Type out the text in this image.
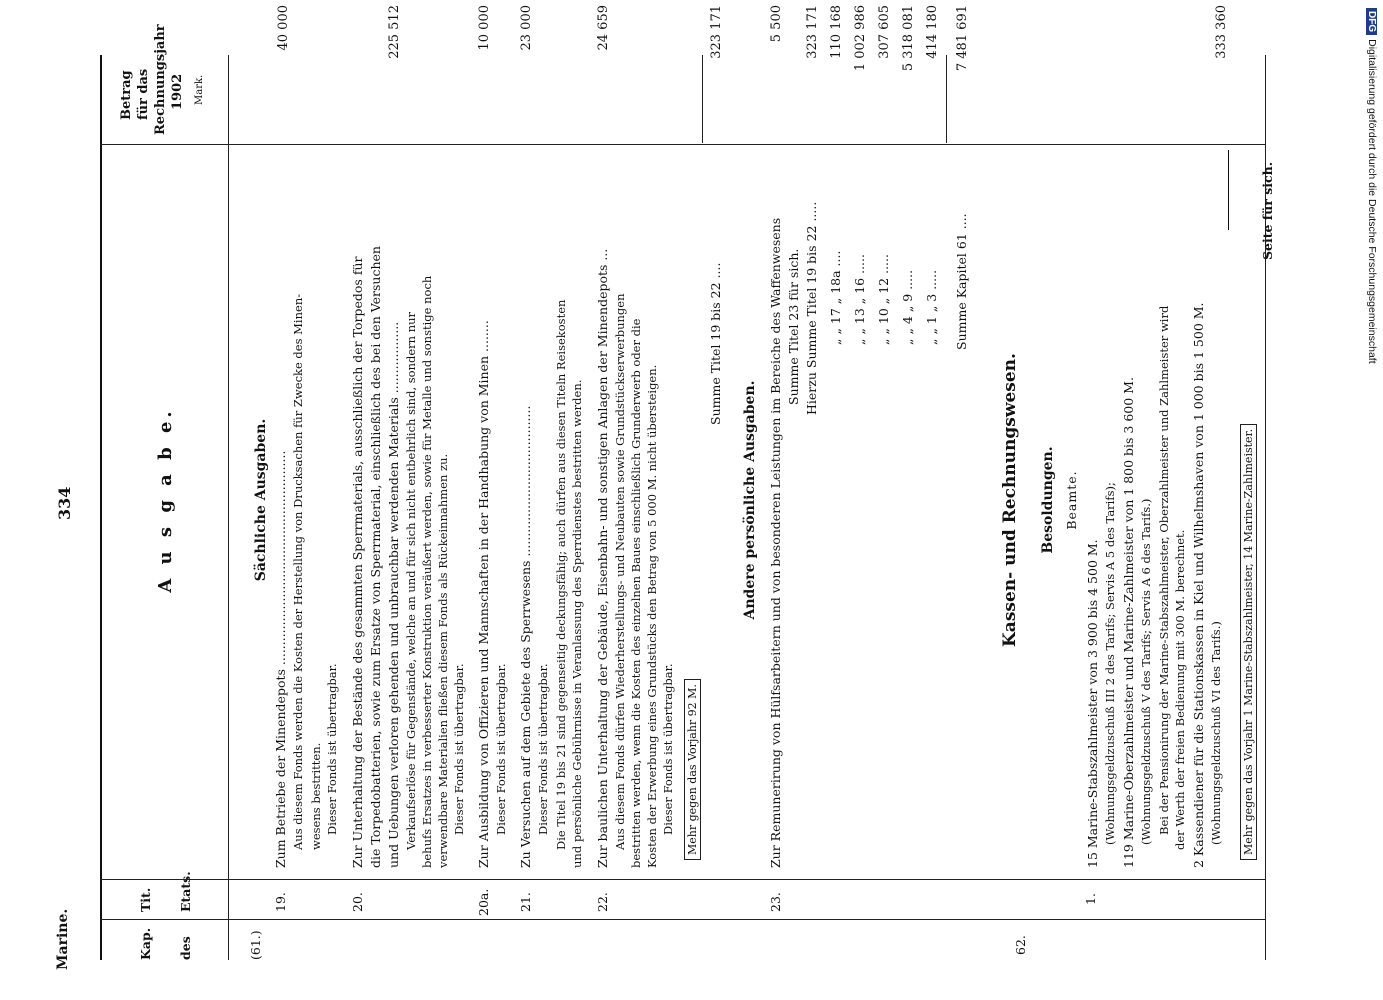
Marine.
334
Kap.
Tit.
des
Etats.
Betrag für das Rechnungsjahr 1902 Mark.
A u s g a b e.	Sächliche Ausgaben.
(61.)
19.
Zum Betriebe der Minendepots ...................................................... Aus diesem Fonds werden die Kosten der Herstellung von Drucksachen für Zwecke des Minen- wesens bestritten. Dieser Fonds ist übertragbar.
40 000
20.
Zur Unterhaltung der Bestände des gesammten Sperrmaterials, ausschließlich der Torpedos für die Torpedobatterien, sowie zum Ersatze von Sperrmaterial, einschließlich des bei den Versuchen und Uebungen verloren gehenden und unbrauchbar werdenden Materials .................. Verkaufserlöse für Gegenstände, welche an und für sich nicht entbehrlich sind, sondern nur behufs Ersatzes in verbesserter Konstruktion veräußert werden, sowie für Metalle und sonstige noch verwendbare Materialien fließen diesem Fonds als Rückeinnahmen zu. Dieser Fonds ist übertragbar.
225 512
20a.
Zur Ausbildung von Offizieren und Mannschaften in der Handhabung von Minen ........ Dieser Fonds ist übertragbar.
10 000
21.
Zu Versuchen auf dem Gebiete des Sperrwesens ...................................... Dieser Fonds ist übertragbar. Die Titel 19 bis 21 sind gegenseitig deckungsfähig; auch dürfen aus diesen Titeln Reisekosten und persönliche Gebührnisse in Veranlassung des Sperrdienstes bestritten werden.
23 000
22.
Zur baulichen Unterhaltung der Gebäude, Eisenbahn- und sonstigen Anlagen der Minendepots ... Aus diesem Fonds dürfen Wiederherstellungs- und Neubauten sowie Grundstückserwerbungen bestritten werden, wenn die Kosten des einzelnen Baues einschließlich Grunderwerb oder die Kosten der Erwerbung eines Grundstücks den Betrag von 5 000 M. nicht übersteigen. Dieser Fonds ist übertragbar.
24 659
Mehr gegen das Vorjahr 92 M.
Summe Titel 19 bis 22 ....
323 171
Andere persönliche Ausgaben.
23.
Zur Remunerirung von Hülfsarbeitern und von besonderen Leistungen im Bereiche des Waffenwesens Summe Titel 23 für sich.
5 500
Hierzu Summe Titel 19 bis 22 .....
323 171
„ „ 17 „ 18a ....
110 168
„ „ 13 „ 16 .....
1 002 986
„ „ 10 „ 12 .....
307 605
„ „ 4 „ 9 .....
5 318 081
„ „ 1 „ 3 .....
414 180
Summe Kapitel 61 ....
7 481 691
62.
Kassen- und Rechnungswesen. Besoldungen. Beamte.
1.
15 Marine-Stabszahlmeister von 3 900 bis 4 500 M. (Wohnungsgeldzuschuß III 2 des Tarifs; Servis A 5 des Tarifs); 119 Marine-Oberzahlmeister und Marine-Zahlmeister von 1 800 bis 3 600 M. (Wohnungsgeldzuschuß V des Tarifs; Servis A 6 des Tarifs.) Bei der Pensionirung der Marine-Stabszahlmeister, Oberzahlmeister und Zahlmeister wird der Werth der freien Bedienung mit 300 M. berechnet. 2 Kassendiener für die Stationskassen in Kiel und Wilhelmshaven von 1 000 bis 1 500 M. (Wohnungsgeldzuschuß VI des Tarifs.)
333 360
Mehr gegen das Vorjahr 1 Marine-Stabszahlmeister, 14 Marine-Zahlmeister.
Seite für sich.
DFGDigitalisierung gefördert durch die Deutsche Forschungsgemeinschaft
